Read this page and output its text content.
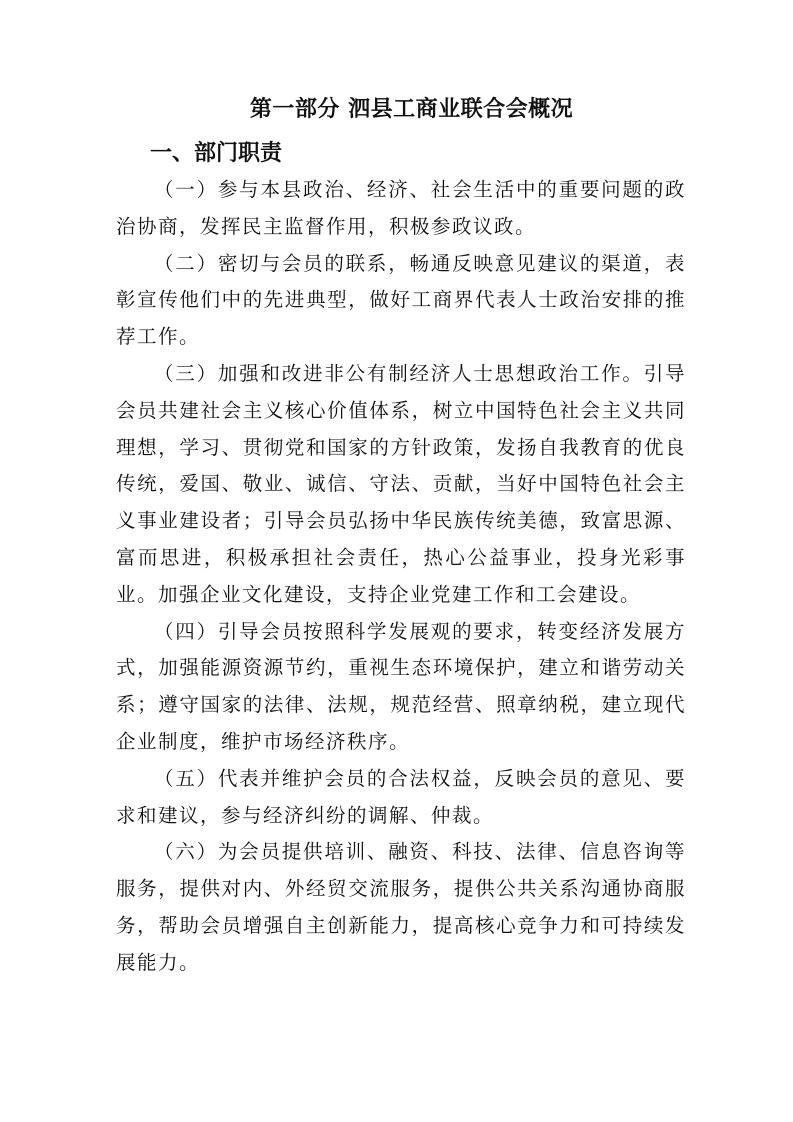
第一部分 泗县工商业联合会概况
一、部门职责

（一）参与本县政治、经济、社会生活中的重要问题的政治协商，发挥民主监督作用，积极参政议政。

（二）密切与会员的联系，畅通反映意见建议的渠道，表彰宣传他们中的先进典型，做好工商界代表人士政治安排的推荐工作。

（三）加强和改进非公有制经济人士思想政治工作。引导会员共建社会主义核心价值体系，树立中国特色社会主义共同理想，学习、贯彻党和国家的方针政策，发扬自我教育的优良传统，爱国、敬业、诚信、守法、贡献，当好中国特色社会主义事业建设者；引导会员弘扬中华民族传统美德，致富思源、富而思进，积极承担社会责任，热心公益事业，投身光彩事业。加强企业文化建设，支持企业党建工作和工会建设。

（四）引导会员按照科学发展观的要求，转变经济发展方式，加强能源资源节约，重视生态环境保护，建立和谐劳动关系；遵守国家的法律、法规，规范经营、照章纳税，建立现代企业制度，维护市场经济秩序。

（五）代表并维护会员的合法权益，反映会员的意见、要求和建议，参与经济纠纷的调解、仲裁。

（六）为会员提供培训、融资、科技、法律、信息咨询等服务，提供对内、外经贸交流服务，提供公共关系沟通协商服务，帮助会员增强自主创新能力，提高核心竞争力和可持续发展能力。
